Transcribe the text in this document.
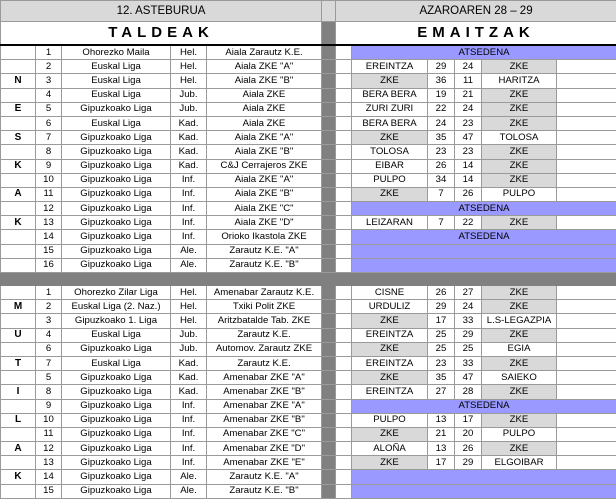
12. ASTEBURUA						AZAROAREN 28 – 29					
TALDEAK						EMAITZAK					
	1	Ohorezko Maila	Hel.	Aiala Zarautz K.E.			ATSEDENA				
	2	Euskal Liga	Hel.	Aiala ZKE "A"			EREINTZA	29	24	ZKE	
N	3	Euskal Liga	Hel.	Aiala ZKE "B"			ZKE	36	11	HARITZA	
	4	Euskal Liga	Jub.	Aiala ZKE			BERA BERA	19	21	ZKE	
E	5	Gipuzkoako Liga	Jub.	Aiala ZKE			ZURI ZURI	22	24	ZKE	
	6	Euskal Liga	Kad.	Aiala ZKE			BERA BERA	24	23	ZKE	
S	7	Gipuzkoako Liga	Kad.	Aiala ZKE "A"			ZKE	35	47	TOLOSA	
	8	Gipuzkoako Liga	Kad.	Aiala ZKE "B"			TOLOSA	23	23	ZKE	
K	9	Gipuzkoako Liga	Kad.	C&J Cerrajeros ZKE			EIBAR	26	14	ZKE	
	10	Gipuzkoako Liga	Inf.	Aiala ZKE "A"			PULPO	34	14	ZKE	
A	11	Gipuzkoako Liga	Inf.	Aiala ZKE "B"			ZKE	7	26	PULPO	
	12	Gipuzkoako Liga	Inf.	Aiala ZKE "C"			ATSEDENA				
K	13	Gipuzkoako Liga	Inf.	Aiala ZKE "D"			LEIZARAN	7	22	ZKE	
	14	Gipuzkoako Liga	Inf.	Orioko Ikastola ZKE			ATSEDENA				
	15	Gipuzkoako Liga	Ale.	Zarautz K.E. "A"							
	16	Gipuzkoako Liga	Ale.	Zarautz K.E. "B"							

	1	Ohorezko Zilar Liga	Hel.	Amenabar Zarautz K.E.			CISNE	26	27	ZKE	
M	2	Euskal Liga (2. Naz.)	Hel.	Txiki Polit ZKE			URDULIZ	29	24	ZKE	
	3	Gipuzkoako 1. Liga	Hel.	Aritzbatalde Tab. ZKE			ZKE	17	33	L.S-LEGAZPIA	
U	4	Euskal Liga	Jub.	Zarautz K.E.			EREINTZA	25	29	ZKE	
	6	Gipuzkoako Liga	Jub.	Automov. Zarautz ZKE			ZKE	25	25	EGIA	
T	7	Euskal Liga	Kad.	Zarautz K.E.			EREINTZA	23	33	ZKE	
	5	Gipuzkoako Liga	Kad.	Amenabar ZKE "A"			ZKE	35	47	SAIEKO	
I	8	Gipuzkoako Liga	Kad.	Amenabar ZKE "B"			EREINTZA	27	28	ZKE	
	9	Gipuzkoako Liga	Inf.	Amenabar ZKE "A"			ATSEDENA				
L	10	Gipuzkoako Liga	Inf.	Amenabar ZKE "B"			PULPO	13	17	ZKE	
	11	Gipuzkoako Liga	Inf.	Amenabar ZKE "C"			ZKE	21	20	PULPO	
A	12	Gipuzkoako Liga	Inf.	Amenabar ZKE "D"			ALOÑA	13	26	ZKE	
	13	Gipuzkoako Liga	Inf.	Amenabar ZKE "E"			ZKE	17	29	ELGOIBAR	
K	14	Gipuzkoako Liga	Ale.	Zarautz K.E. "A"							
	15	Gipuzkoako Liga	Ale.	Zarautz K.E. "B"							
